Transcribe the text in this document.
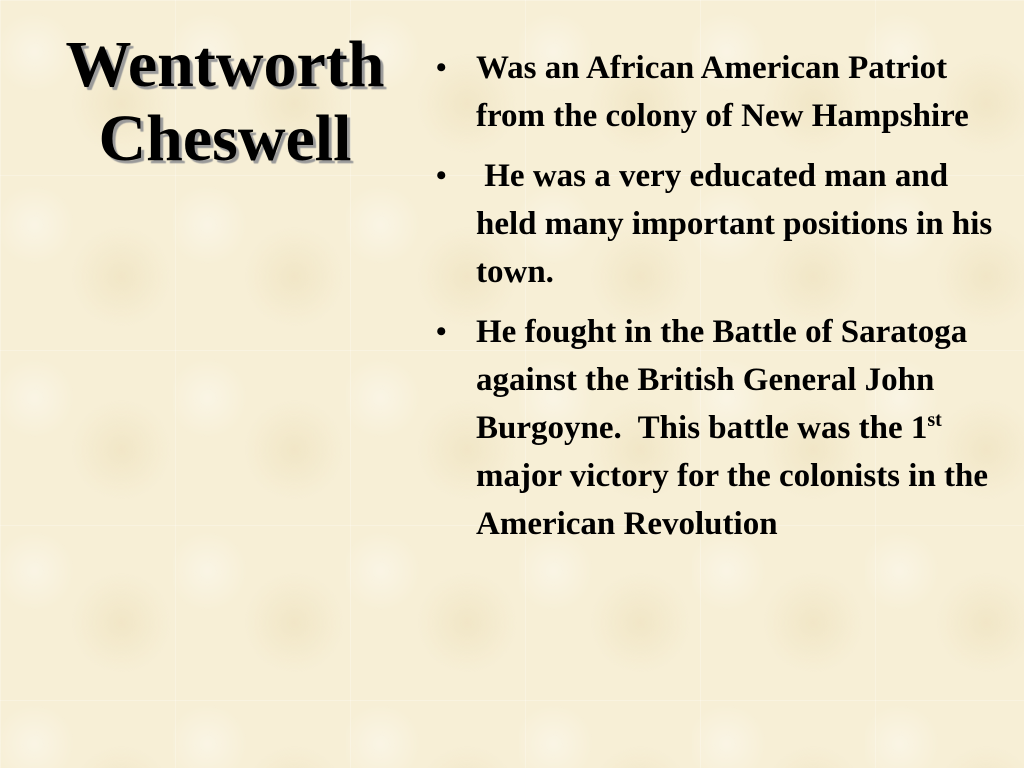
Wentworth
Cheswell
• Was an African American Patriot from the colony of New Hampshire
• He was a very educated man and held many important positions in his town.
• He fought in the Battle of Saratoga against the British General John Burgoyne.  This battle was the 1st major victory for the colonists in the American Revolution
